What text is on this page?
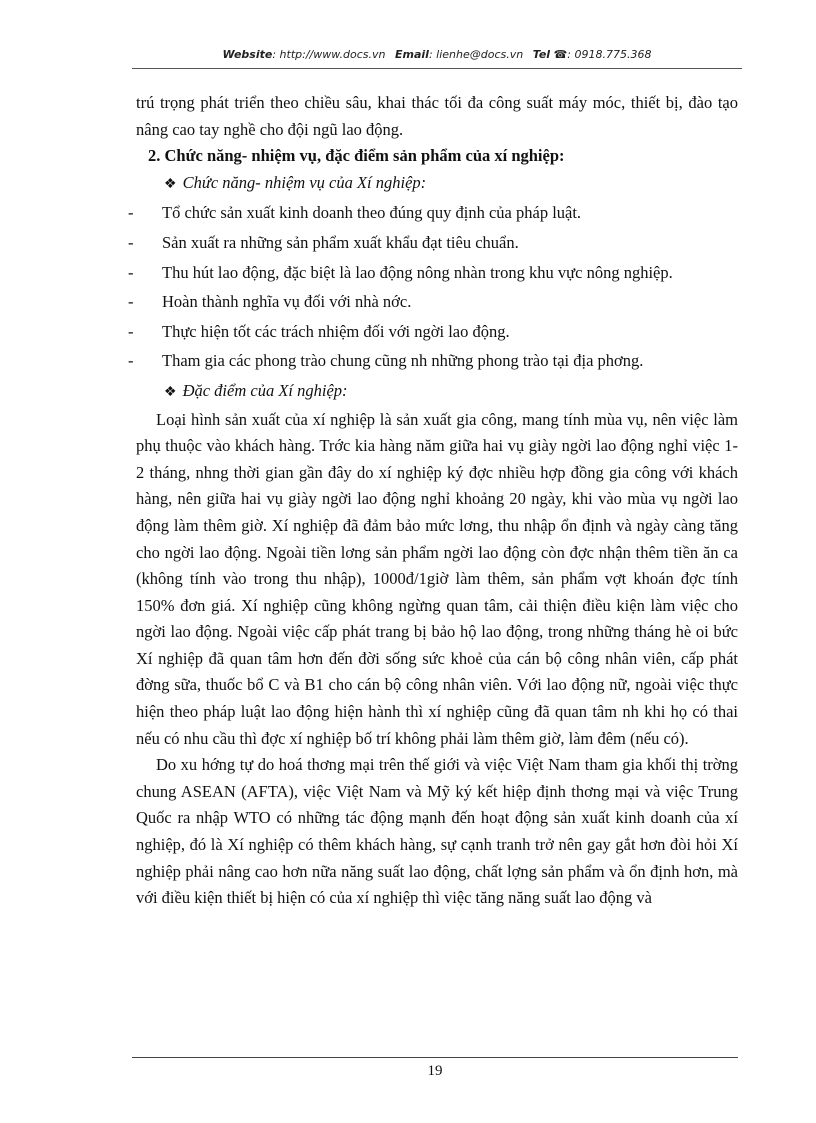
Website: http://www.docs.vn Email: lienhe@docs.vn Tel ☎: 0918.775.368

trú trọng phát triển theo chiều sâu, khai thác tối đa công suất máy móc, thiết bị, đào tạo nâng cao tay nghề cho đội ngũ lao động.

2. Chức năng- nhiệm vụ, đặc điểm sản phẩm của xí nghiệp:

❖ Chức năng- nhiệm vụ của Xí nghiệp:

- Tổ chức sản xuất kinh doanh theo đúng quy định của pháp luật.
- Sản xuất ra những sản phẩm xuất khẩu đạt tiêu chuẩn.
- Thu hút lao động, đặc biệt là lao động nông nhàn trong khu vực nông nghiệp.
- Hoàn thành nghĩa vụ đối với nhà nớc.
- Thực hiện tốt các trách nhiệm đối với ngời lao động.
- Tham gia các phong trào chung cũng nh những phong trào tại địa phơng.

❖ Đặc điểm của Xí nghiệp:

Loại hình sản xuất của xí nghiệp là sản xuất gia công, mang tính mùa vụ, nên việc làm phụ thuộc vào khách hàng. Trớc kia hàng năm giữa hai vụ giày ngời lao động nghỉ việc 1-2 tháng, nhng thời gian gần đây do xí nghiệp ký đợc nhiều hợp đồng gia công với khách hàng, nên giữa hai vụ giày ngời lao động nghỉ khoảng 20 ngày, khi vào mùa vụ ngời lao động làm thêm giờ. Xí nghiệp đã đảm bảo mức lơng, thu nhập ổn định và ngày càng tăng cho ngời lao động. Ngoài tiền lơng sản phẩm ngời lao động còn đợc nhận thêm tiền ăn ca (không tính vào trong thu nhập), 1000đ/1giờ làm thêm, sản phẩm vợt khoán đợc tính 150% đơn giá. Xí nghiệp cũng không ngừng quan tâm, cải thiện điều kiện làm việc cho ngời lao động. Ngoài việc cấp phát trang bị bảo hộ lao động, trong những tháng hè oi bức Xí nghiệp đã quan tâm hơn đến đời sống sức khoẻ của cán bộ công nhân viên, cấp phát đờng sữa, thuốc bổ C và B1 cho cán bộ công nhân viên. Với lao động nữ, ngoài việc thực hiện theo pháp luật lao động hiện hành thì xí nghiệp cũng đã quan tâm nh khi họ có thai nếu có nhu cầu thì đợc xí nghiệp bố trí không phải làm thêm giờ, làm đêm (nếu có).

Do xu hớng tự do hoá thơng mại trên thế giới và việc Việt Nam tham gia khối thị trờng chung ASEAN (AFTA), việc Việt Nam và Mỹ ký kết hiệp định thơng mại và việc Trung Quốc ra nhập WTO có những tác động mạnh đến hoạt động sản xuất kinh doanh của xí nghiệp, đó là Xí nghiệp có thêm khách hàng, sự cạnh tranh trở nên gay gắt hơn đòi hỏi Xí nghiệp phải nâng cao hơn nữa năng suất lao động, chất lợng sản phẩm và ổn định hơn, mà với điều kiện thiết bị hiện có của xí nghiệp thì việc tăng năng suất lao động và

19
